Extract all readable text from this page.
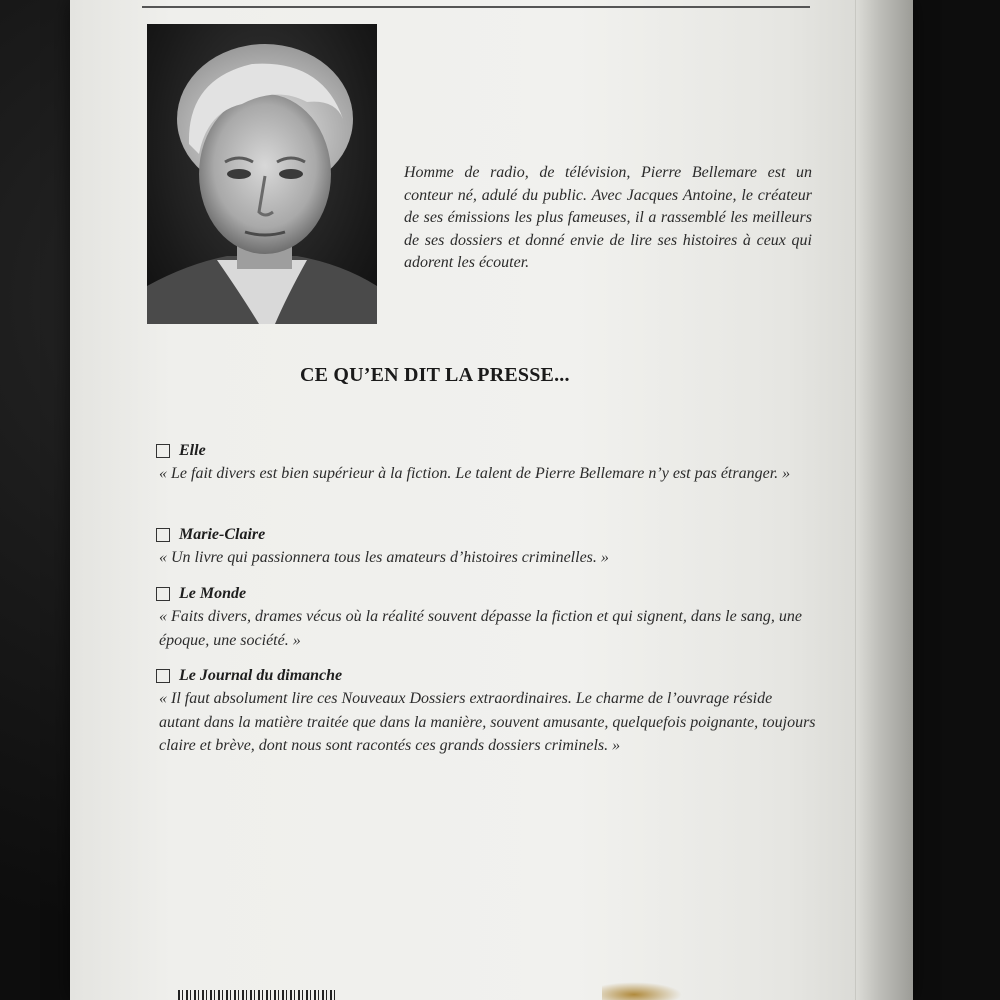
Homme de radio, de télévision, Pierre Bellemare est un conteur né, adulé du public. Avec Jacques Antoine, le créateur de ses émissions les plus fameuses, il a rassemblé les meilleurs de ses dossiers et donné envie de lire ses histoires à ceux qui adorent les écouter.
CE QU’EN DIT LA PRESSE...
Elle
« Le fait divers est bien supérieur à la fiction. Le talent de Pierre Bellemare n’y est pas étranger. »
Marie-Claire
« Un livre qui passionnera tous les amateurs d’histoires criminelles. »
Le Monde
« Faits divers, drames vécus où la réalité souvent dépasse la fiction et qui signent, dans le sang, une époque, une société. »
Le Journal du dimanche
« Il faut absolument lire ces Nouveaux Dossiers extraordinaires. Le charme de l’ouvrage réside autant dans la matière traitée que dans la manière, souvent amusante, quelquefois poignante, toujours claire et brève, dont nous sont racontés ces grands dossiers criminels. »
